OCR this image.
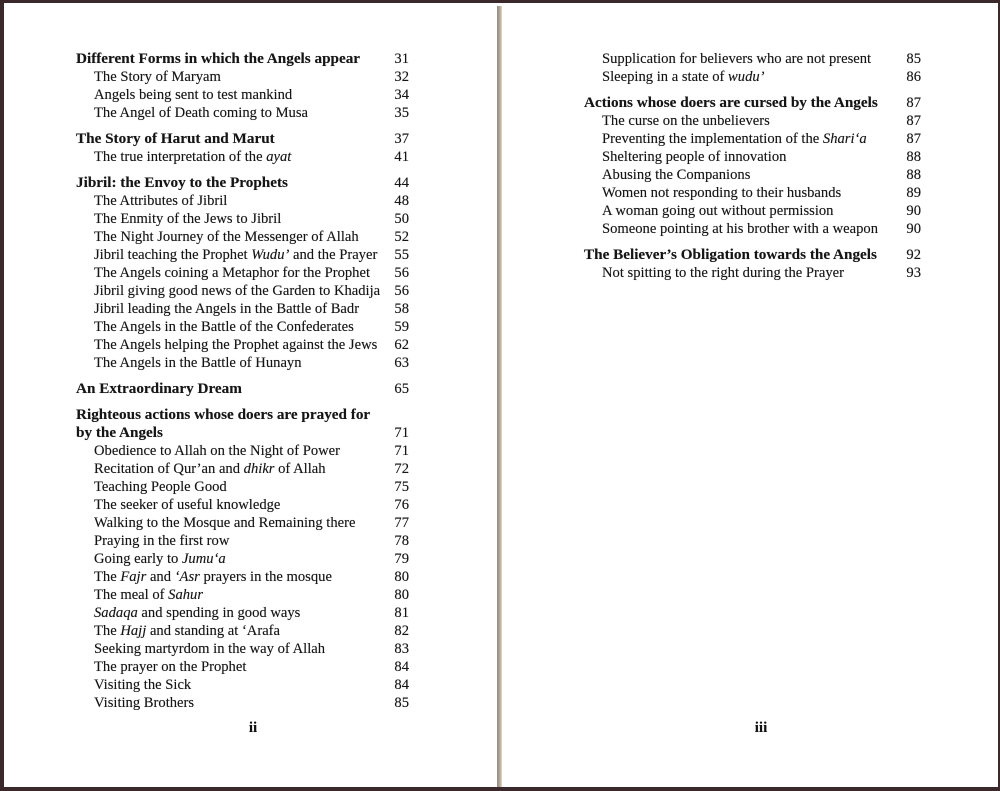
Different Forms in which the Angels appear	31
The Story of Maryam	32
Angels being sent to test mankind	34
The Angel of Death coming to Musa	35
The Story of Harut and Marut	37
The true interpretation of the ayat	41
Jibril: the Envoy to the Prophets	44
The Attributes of Jibril	48
The Enmity of the Jews to Jibril	50
The Night Journey of the Messenger of Allah	52
Jibril teaching the Prophet Wudu’ and the Prayer	55
The Angels coining a Metaphor for the Prophet	56
Jibril giving good news of the Garden to Khadija 56
Jibril leading the Angels in the Battle of Badr	58
The Angels in the Battle of the Confederates	59
The Angels helping the Prophet against the Jews	62
The Angels in the Battle of Hunayn	63
An Extraordinary Dream	65
Righteous actions whose doers are prayed for
by the Angels	71
Obedience to Allah on the Night of Power	71
Recitation of Qur’an and dhikr of Allah	72
Teaching People Good	75
The seeker of useful knowledge	76
Walking to the Mosque and Remaining there	77
Praying in the first row	78
Going early to Jumu‘a	79
The Fajr and ‘Asr prayers in the mosque	80
The meal of Sahur	80
Sadaqa and spending in good ways	81
The Hajj and standing at ‘Arafa	82
Seeking martyrdom in the way of Allah	83
The prayer on the Prophet	84
Visiting the Sick	84
Visiting Brothers	85
Supplication for believers who are not present	85
Sleeping in a state of wudu’	86
Actions whose doers are cursed by the Angels	87
The curse on the unbelievers	87
Preventing the implementation of the Shari‘a	87
Sheltering people of innovation	88
Abusing the Companions	88
Women not responding to their husbands	89
A woman going out without permission	90
Someone pointing at his brother with a weapon	90
The Believer’s Obligation towards the Angels	92
Not spitting to the right during the Prayer	93
ii	iii
